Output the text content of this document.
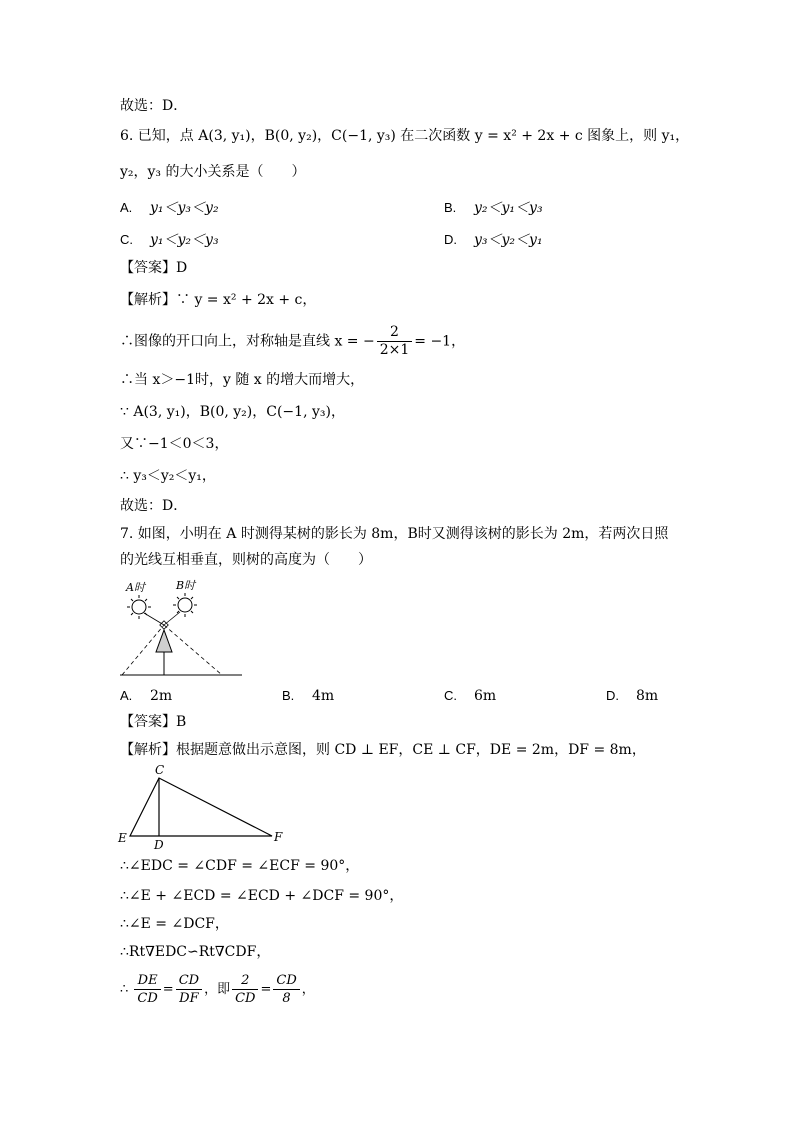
故选：D．
6. 已知，点 A(3, y₁)，B(0, y₂)，C(−1, y₃) 在二次函数 y = x² + 2x + c 图象上，则 y₁，
y₂，y₃ 的大小关系是（　　）
A. y₁＜y₃＜y₂	B. y₂＜y₁＜y₃
C. y₁＜y₂＜y₃	D. y₃＜y₂＜y₁
【答案】D
【解析】∵ y = x² + 2x + c，
∴图像的开口向上，对称轴是直线 x = − $\frac{2}{2\times 1} = -1$，
∴当 x＞−1时，y 随 x 的增大而增大，
∵ A(3, y₁)，B(0, y₂)，C(−1, y₃)，
又∵−1＜0＜3，
∴ y₃＜y₂＜y₁，
故选：D．
7. 如图，小明在 A 时测得某树的影长为 8m，B时又测得该树的影长为 2m，若两次日照
的光线互相垂直，则树的高度为（　　）
A时	B时
A. 2m	B. 4m	C. 6m	D. 8m
【答案】B
【解析】根据题意做出示意图，则 CD ⊥ EF，CE ⊥ CF，DE = 2m，DF = 8m，
C
E D
F
∴∠EDC = ∠CDF = ∠ECF = 90°，
∴∠E + ∠ECD = ∠ECD + ∠DCF = 90°，
∴∠E = ∠DCF，
∴Rt∇EDC∽Rt∇CDF，
∴ $\frac{DE}{CD} = \frac{CD}{DF}$ ，即 $\frac{2}{CD} = \frac{CD}{8}$ ，
